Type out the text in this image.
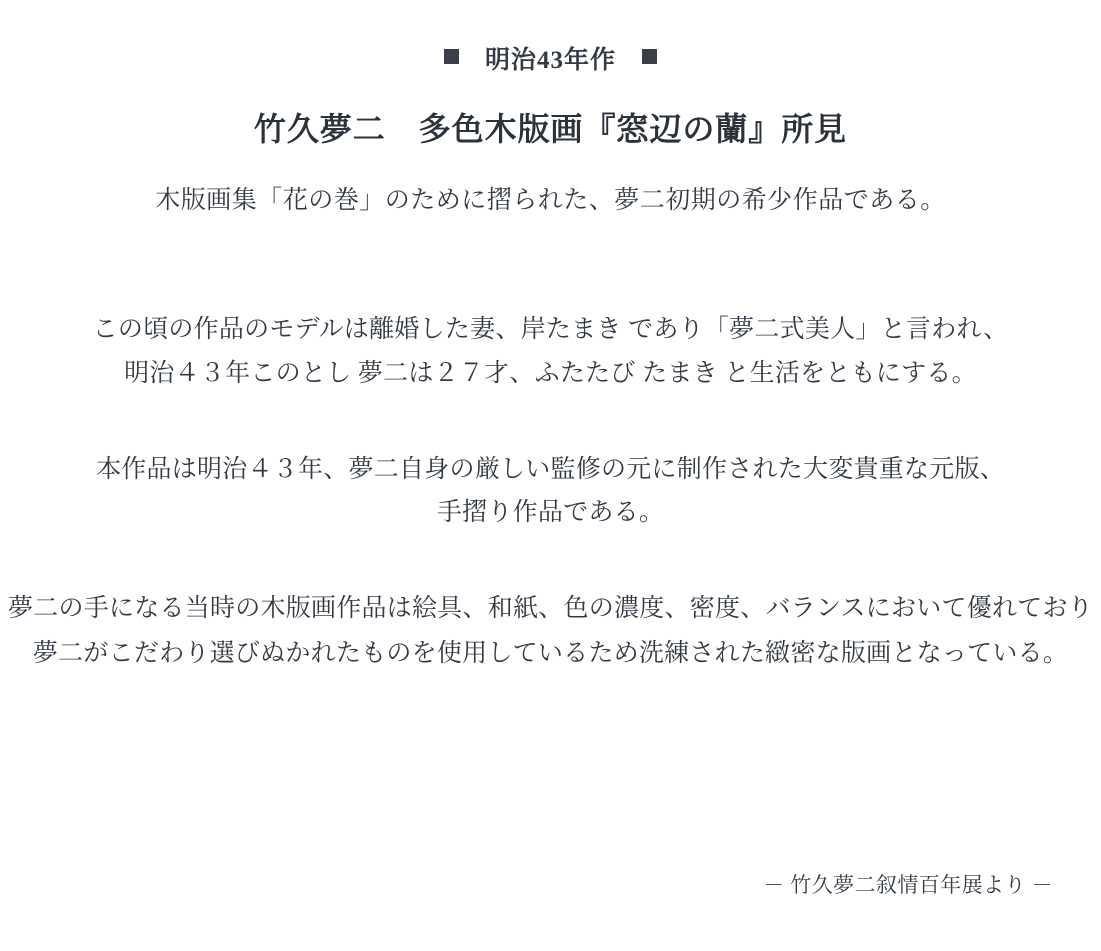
明治43年作
竹久夢二　多色木版画『窓辺の蘭』所見

木版画集「花の巻」のために摺られた、夢二初期の希少作品である。

この頃の作品のモデルは離婚した妻、岸たまき であり「夢二式美人」と言われ、
明治４３年このとし 夢二は２７才、ふたたび たまき と生活をともにする。
本作品は明治４３年、夢二自身の厳しい監修の元に制作された大変貴重な元版、
手摺り作品である。
夢二の手になる当時の木版画作品は絵具、和紙、色の濃度、密度、バランスにおいて優れており
夢二がこだわり選びぬかれたものを使用しているため洗練された緻密な版画となっている。
－ 竹久夢二叙情百年展より －
